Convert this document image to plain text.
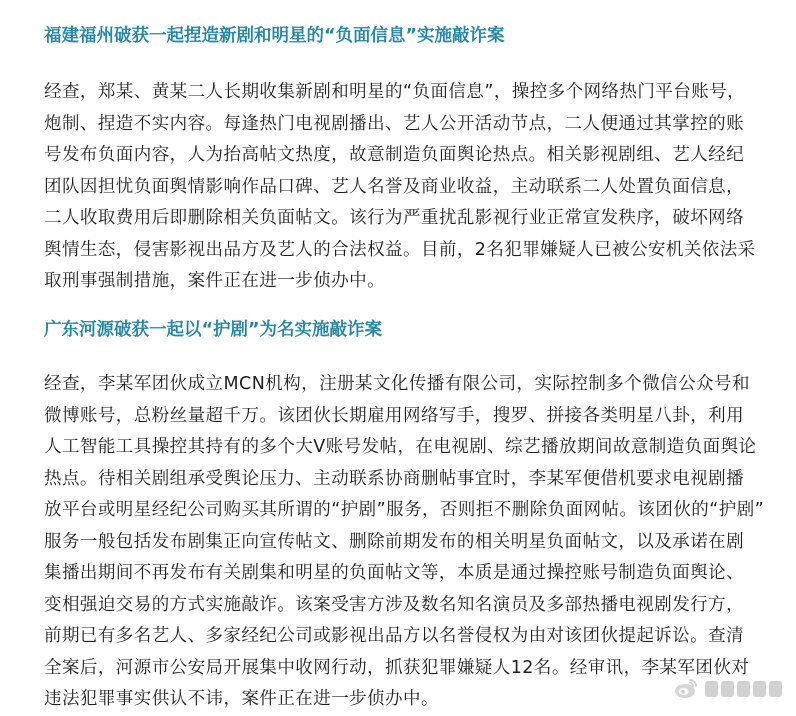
福建福州破获一起捏造新剧和明星的“负面信息”实施敲诈案
经查，郑某、黄某二人长期收集新剧和明星的“负面信息”，操控多个网络热门平台账号，
炮制、捏造不实内容。每逢热门电视剧播出、艺人公开活动节点，二人便通过其掌控的账
号发布负面内容，人为抬高帖文热度，故意制造负面舆论热点。相关影视剧组、艺人经纪
团队因担忧负面舆情影响作品口碑、艺人名誉及商业收益，主动联系二人处置负面信息，
二人收取费用后即删除相关负面帖文。该行为严重扰乱影视行业正常宣发秩序，破坏网络
舆情生态，侵害影视出品方及艺人的合法权益。目前，2名犯罪嫌疑人已被公安机关依法采
取刑事强制措施，案件正在进一步侦办中。
广东河源破获一起以“护剧”为名实施敲诈案
经查，李某军团伙成立MCN机构，注册某文化传播有限公司，实际控制多个微信公众号和
微博账号，总粉丝量超千万。该团伙长期雇用网络写手，搜罗、拼接各类明星八卦，利用
人工智能工具操控其持有的多个大V账号发帖，在电视剧、综艺播放期间故意制造负面舆论
热点。待相关剧组承受舆论压力、主动联系协商删帖事宜时，李某军便借机要求电视剧播
放平台或明星经纪公司购买其所谓的“护剧”服务，否则拒不删除负面网帖。该团伙的“护剧”
服务一般包括发布剧集正向宣传帖文、删除前期发布的相关明星负面帖文，以及承诺在剧
集播出期间不再发布有关剧集和明星的负面帖文等，本质是通过操控账号制造负面舆论、
变相强迫交易的方式实施敲诈。该案受害方涉及数名知名演员及多部热播电视剧发行方，
前期已有多名艺人、多家经纪公司或影视出品方以名誉侵权为由对该团伙提起诉讼。查清
全案后，河源市公安局开展集中收网行动，抓获犯罪嫌疑人12名。经审讯，李某军团伙对
违法犯罪事实供认不讳，案件正在进一步侦办中。
